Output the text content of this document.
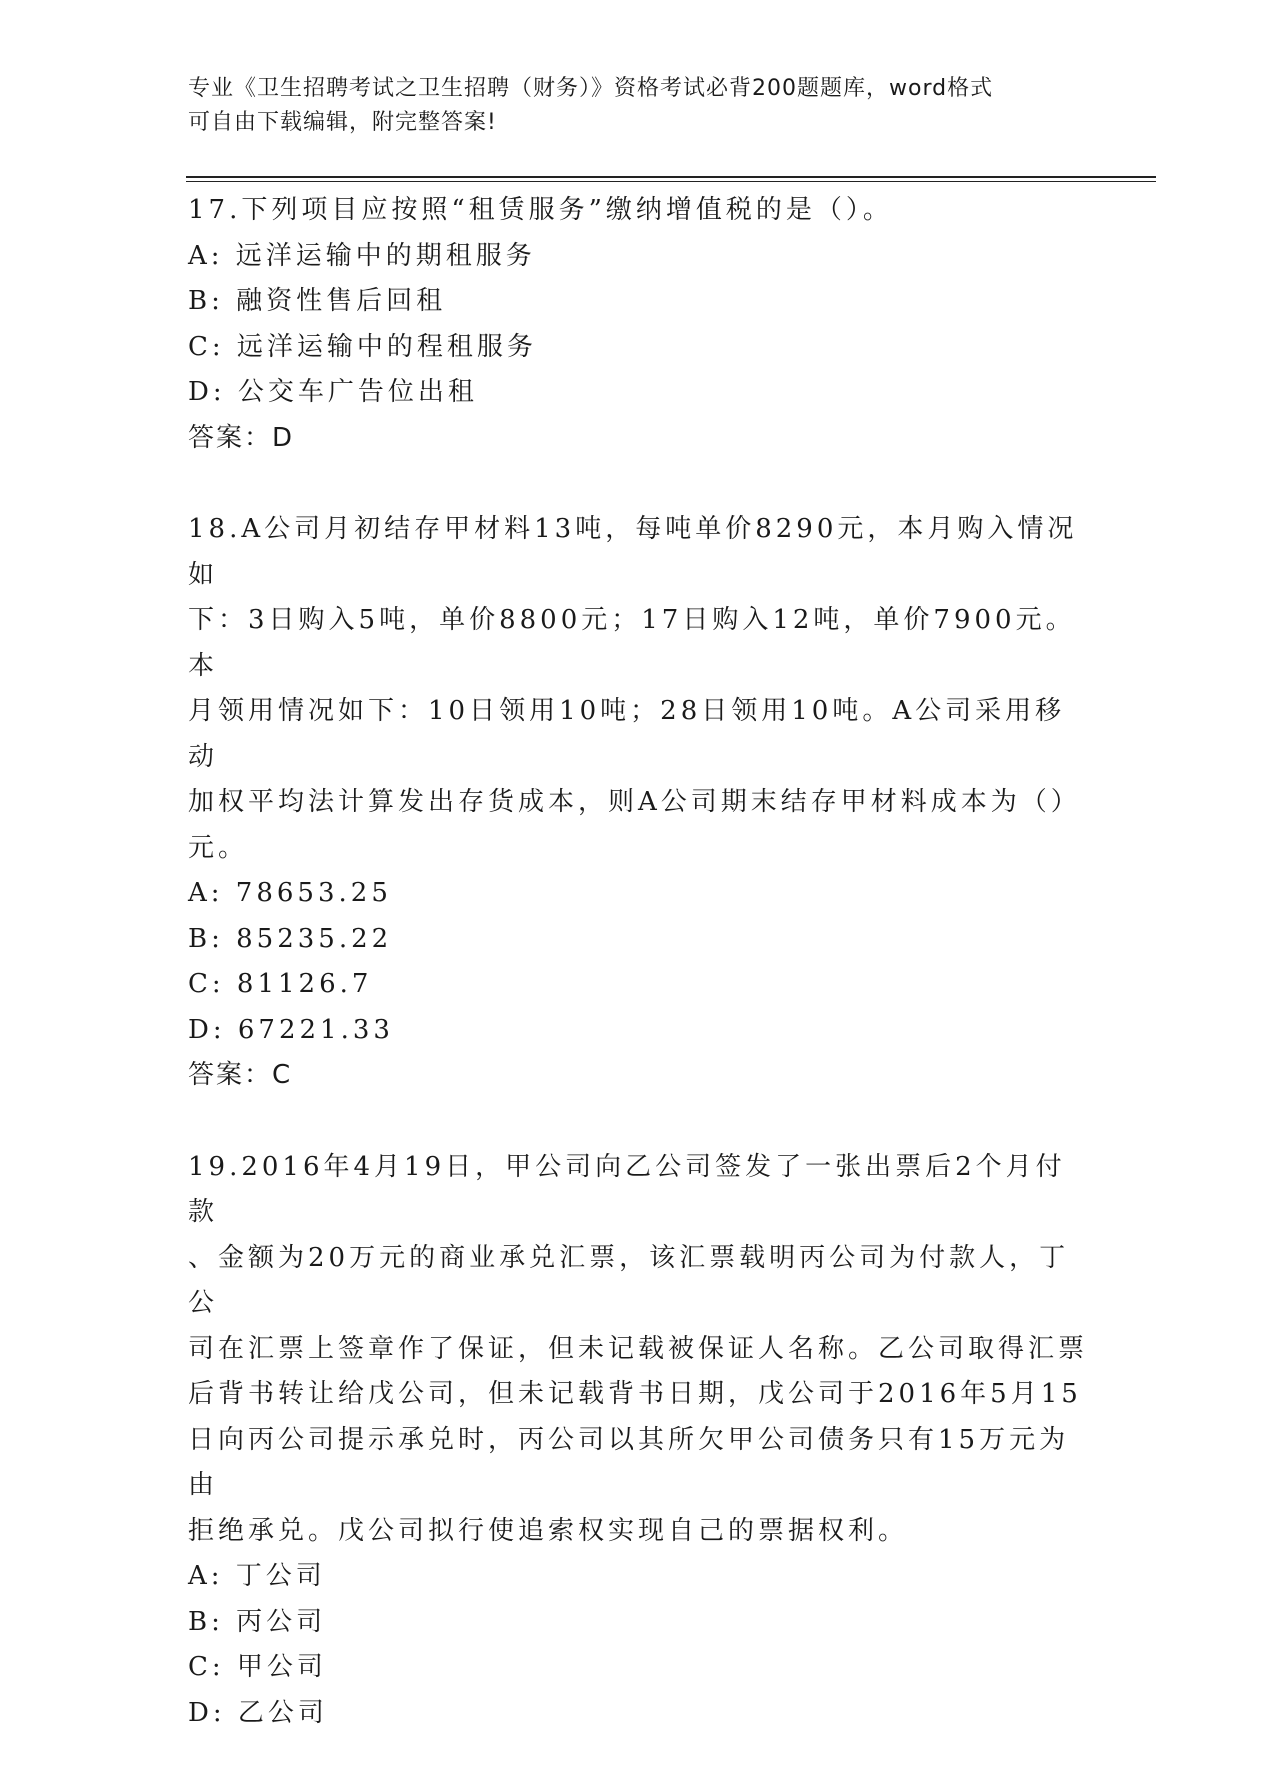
专业《卫生招聘考试之卫生招聘（财务）》资格考试必背200题题库，word格式
可自由下载编辑，附完整答案!
17.下列项目应按照“租赁服务”缴纳增值税的是（）。
A: 远洋运输中的期租服务
B: 融资性售后回租
C: 远洋运输中的程租服务
D: 公交车广告位出租
答案：D
18.A公司月初结存甲材料13吨，每吨单价8290元，本月购入情况如
下：3日购入5吨，单价8800元；17日购入12吨，单价7900元。本
月领用情况如下：10日领用10吨；28日领用10吨。A公司采用移动
加权平均法计算发出存货成本，则A公司期末结存甲材料成本为（）
元。
A: 78653.25
B: 85235.22
C: 81126.7
D: 67221.33
答案：C
19.2016年4月19日，甲公司向乙公司签发了一张出票后2个月付款
、金额为20万元的商业承兑汇票，该汇票载明丙公司为付款人，丁公
司在汇票上签章作了保证，但未记载被保证人名称。乙公司取得汇票
后背书转让给戊公司，但未记载背书日期，戊公司于2016年5月15
日向丙公司提示承兑时，丙公司以其所欠甲公司债务只有15万元为由
拒绝承兑。戊公司拟行使追索权实现自己的票据权利。
A: 丁公司
B: 丙公司
C: 甲公司
D: 乙公司
